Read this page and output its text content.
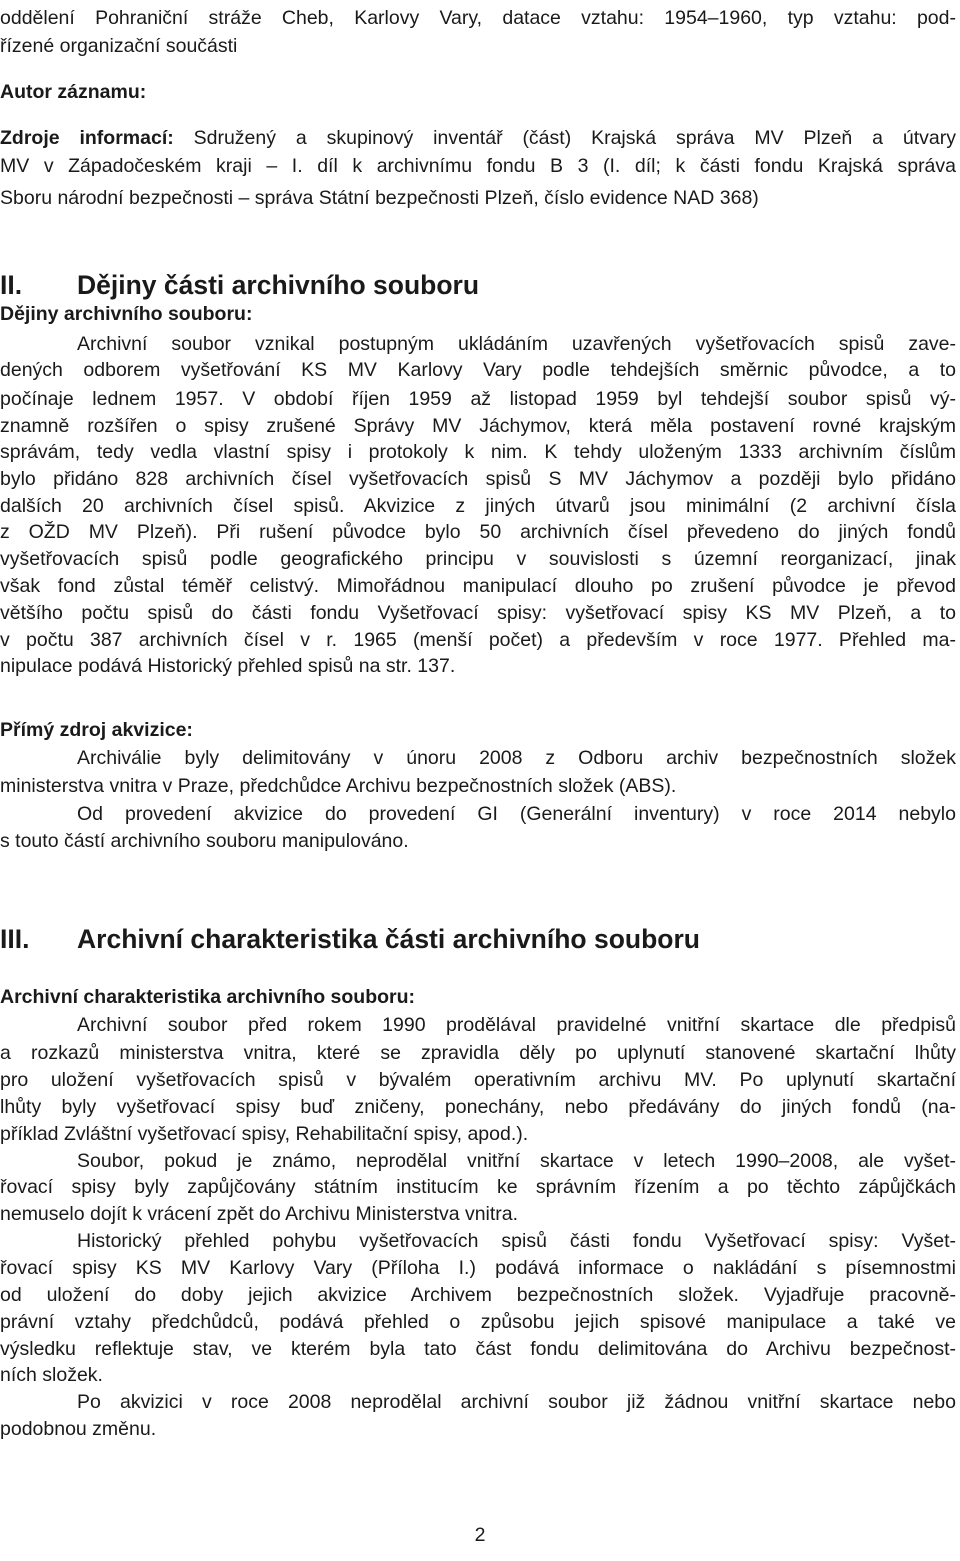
oddělení Pohraniční stráže Cheb, Karlovy Vary, datace vztahu: 1954–1960, typ vztahu: pod-
řízené organizační součásti
Autor záznamu:
Zdroje informací: Sdružený a skupinový inventář (část) Krajská správa MV Plzeň a útvary
MV v Západočeském kraji – I. díl k archivnímu fondu B 3 (I. díl; k části fondu Krajská správa
Sboru národní bezpečnosti – správa Státní bezpečnosti Plzeň, číslo evidence NAD 368)
II. Dějiny části archivního souboru
Dějiny archivního souboru:
Archivní soubor vznikal postupným ukládáním uzavřených vyšetřovacích spisů zave-
dených odborem vyšetřování KS MV Karlovy Vary podle tehdejších směrnic původce, a to
počínaje lednem 1957. V období říjen 1959 až listopad 1959 byl tehdejší soubor spisů vý-
znamně rozšířen o spisy zrušené Správy MV Jáchymov, která měla postavení rovné krajským
správám, tedy vedla vlastní spisy i protokoly k nim. K tehdy uloženým 1333 archivním číslům
bylo přidáno 828 archivních čísel vyšetřovacích spisů S MV Jáchymov a později bylo přidáno
dalších 20 archivních čísel spisů. Akvizice z jiných útvarů jsou minimální (2 archivní čísla
z OŽD MV Plzeň). Při rušení původce bylo 50 archivních čísel převedeno do jiných fondů
vyšetřovacích spisů podle geografického principu v souvislosti s územní reorganizací, jinak
však fond zůstal téměř celistvý. Mimořádnou manipulací dlouho po zrušení původce je převod
většího počtu spisů do části fondu Vyšetřovací spisy: vyšetřovací spisy KS MV Plzeň, a to
v počtu 387 archivních čísel v r. 1965 (menší počet) a především v roce 1977. Přehled ma-
nipulace podává Historický přehled spisů na str. 137.
Přímý zdroj akvizice:
Archiválie byly delimitovány v únoru 2008 z Odboru archiv bezpečnostních složek
ministerstva vnitra v Praze, předchůdce Archivu bezpečnostních složek (ABS).
Od provedení akvizice do provedení GI (Generální inventury) v roce 2014 nebylo
s touto částí archivního souboru manipulováno.
III. Archivní charakteristika části archivního souboru
Archivní charakteristika archivního souboru:
Archivní soubor před rokem 1990 prodělával pravidelné vnitřní skartace dle předpisů
a rozkazů ministerstva vnitra, které se zpravidla děly po uplynutí stanovené skartační lhůty
pro uložení vyšetřovacích spisů v bývalém operativním archivu MV. Po uplynutí skartační
lhůty byly vyšetřovací spisy buď zničeny, ponechány, nebo předávány do jiných fondů (na-
příklad Zvláštní vyšetřovací spisy, Rehabilitační spisy, apod.).
Soubor, pokud je známo, neprodělal vnitřní skartace v letech 1990–2008, ale vyšet-
řovací spisy byly zapůjčovány státním institucím ke správním řízením a po těchto zápůjčkách
nemuselo dojít k vrácení zpět do Archivu Ministerstva vnitra.
Historický přehled pohybu vyšetřovacích spisů části fondu Vyšetřovací spisy: Vyšet-
řovací spisy KS MV Karlovy Vary (Příloha I.) podává informace o nakládání s písemnostmi
od uložení do doby jejich akvizice Archivem bezpečnostních složek. Vyjadřuje pracovně-
právní vztahy předchůdců, podává přehled o způsobu jejich spisové manipulace a také ve
výsledku reflektuje stav, ve kterém byla tato část fondu delimitována do Archivu bezpečnost-
ních složek.
Po akvizici v roce 2008 neprodělal archivní soubor již žádnou vnitřní skartace nebo
podobnou změnu.
2
